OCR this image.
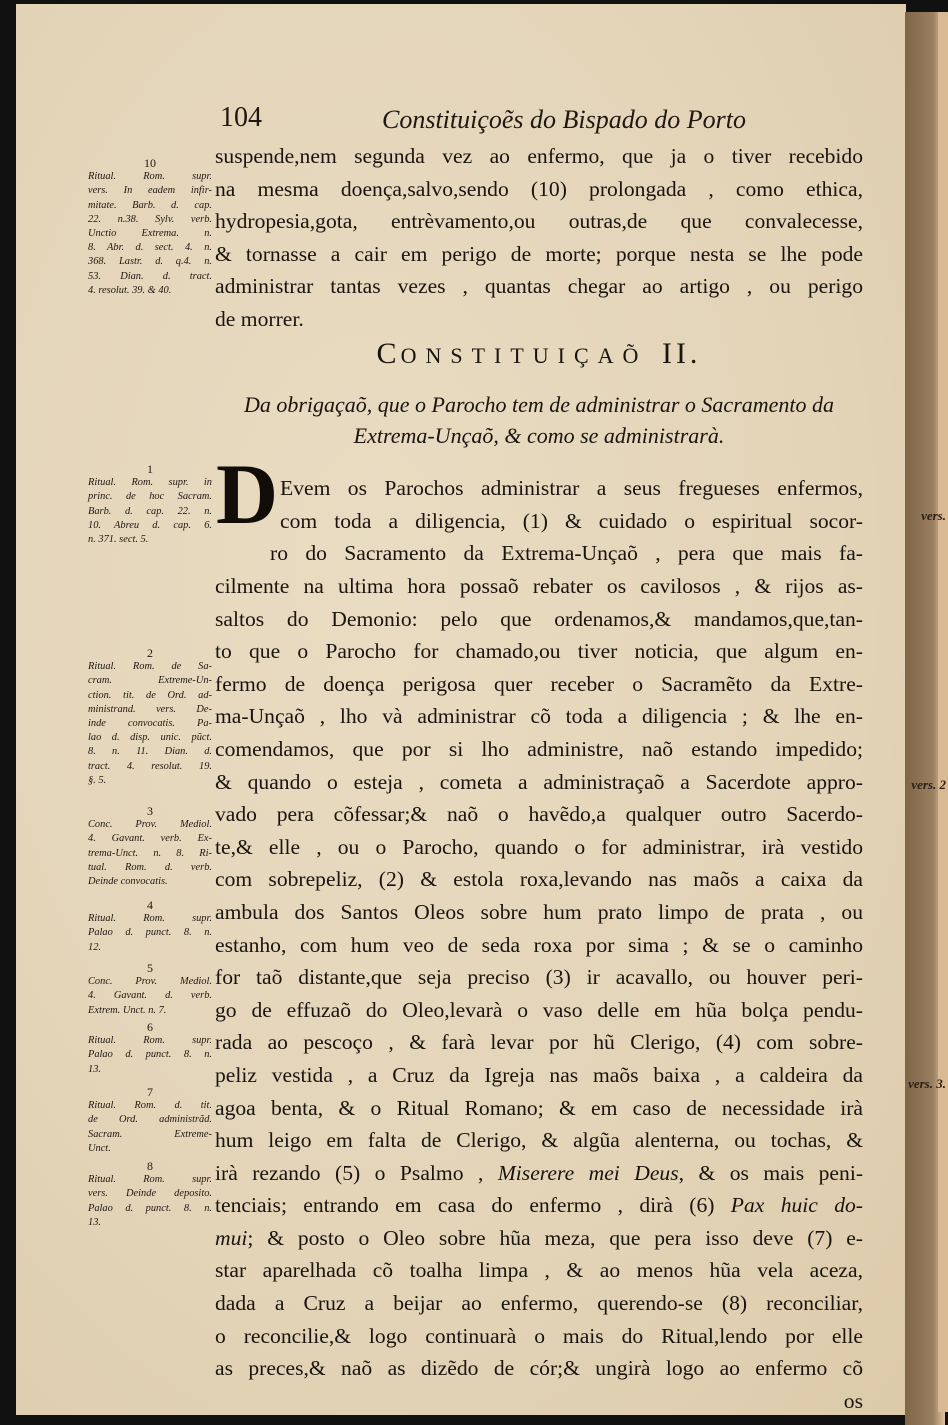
vers.
vers. 2
vers. 3.
104	Constituiçoẽs do Bispado do Porto
suspende,nem segunda vez ao enfermo, que ja o tiver recebido
na mesma doença,salvo,sendo (10) prolongada , como ethica,
hydropesia,gota, entrèvamento,ou outras,de que convalecesse,
& tornasse a cair em perigo de morte; porque nesta se lhe pode
administrar tantas vezes , quantas chegar ao artigo , ou perigo
de morrer.
10
Ritual. Rom. supr.
vers. In eadem infir-
mitate. Barb. d. cap.
22. n.38. Sylv. verb.
Unctio Extrema. n.
8. Abr. d. sect. 4. n.
368. Lastr. d. q.4. n.
53. Dian. d. tract.
4. resolut. 39. & 40.
CONSTITUIÇAÕ II.
Da obrigaçaõ, que o Parocho tem de administrar o Sacramento da
Extrema-Unçaõ, & como se administrarà.
D Evem os Parochos administrar a seus fregueses enfermos,
com toda a diligencia, (1) & cuidado o espiritual socor-
ro do Sacramento da Extrema-Unçaõ , pera que mais fa-
cilmente na ultima hora possaõ rebater os cavilosos , & rijos as-
saltos do Demonio: pelo que ordenamos,& mandamos,que,tan-
to que o Parocho for chamado,ou tiver noticia, que algum en-
fermo de doença perigosa quer receber o Sacramẽto da Extre-
ma-Unçaõ , lho và administrar cõ toda a diligencia ; & lhe en-
comendamos, que por si lho administre, naõ estando impedido;
& quando o esteja , cometa a administraçaõ a Sacerdote appro-
vado pera cõfessar;& naõ o havẽdo,a qualquer outro Sacerdo-
te,& elle , ou o Parocho, quando o for administrar, irà vestido
com sobrepeliz, (2) & estola roxa,levando nas maõs a caixa da
ambula dos Santos Oleos sobre hum prato limpo de prata , ou
estanho, com hum veo de seda roxa por sima ; & se o caminho
for taõ distante,que seja preciso (3) ir acavallo, ou houver peri-
go de effuzaõ do Oleo,levarà o vaso delle em hũa bolça pendu-
rada ao pescoço , & farà levar por hũ Clerigo, (4) com sobre-
peliz vestida , a Cruz da Igreja nas maõs baixa , a caldeira da
agoa benta, & o Ritual Romano; & em caso de necessidade irà
hum leigo em falta de Clerigo, & algũa alenterna, ou tochas, &
irà rezando (5) o Psalmo , Miserere mei Deus, & os mais peni-
tenciais; entrando em casa do enfermo , dirà (6) Pax huic do-
mui; & posto o Oleo sobre hũa meza, que pera isso deve (7) e-
star aparelhada cõ toalha limpa , & ao menos hũa vela aceza,
dada a Cruz a beijar ao enfermo, querendo-se (8) reconciliar,
o reconcilie,& logo continuarà o mais do Ritual,lendo por elle
as preces,& naõ as dizẽdo de cór;& ungirà logo ao enfermo cõ
os
1
Ritual. Rom. supr. in
princ. de hoc Sacram.
Barb. d. cap. 22. n.
10. Abreu d. cap. 6.
n. 371. sect. 5.
2
Ritual. Rom. de Sa-
cram. Extreme-Un-
ction. tit. de Ord. ad-
ministrand. vers. De-
inde convocatis. Pa-
lao d. disp. unic. pũct.
8. n. 11. Dian. d.
tract. 4. resolut. 19.
§. 5.
3
Conc. Prov. Mediol.
4. Gavant. verb. Ex-
trema-Unct. n. 8. Ri-
tual. Rom. d. verb.
Deinde convocatis.
4
Ritual. Rom. supr.
Palao d. punct. 8. n.
12.
5
Conc. Prov. Mediol.
4. Gavant. d. verb.
Extrem. Unct. n. 7.
6
Ritual. Rom. supr.
Palao d. punct. 8. n.
13.
7
Ritual. Rom. d. tit.
de Ord. administrãd.
Sacram. Extreme-
Unct.
8
Ritual. Rom. supr.
vers. Deinde deposito.
Palao d. punct. 8. n.
13.
